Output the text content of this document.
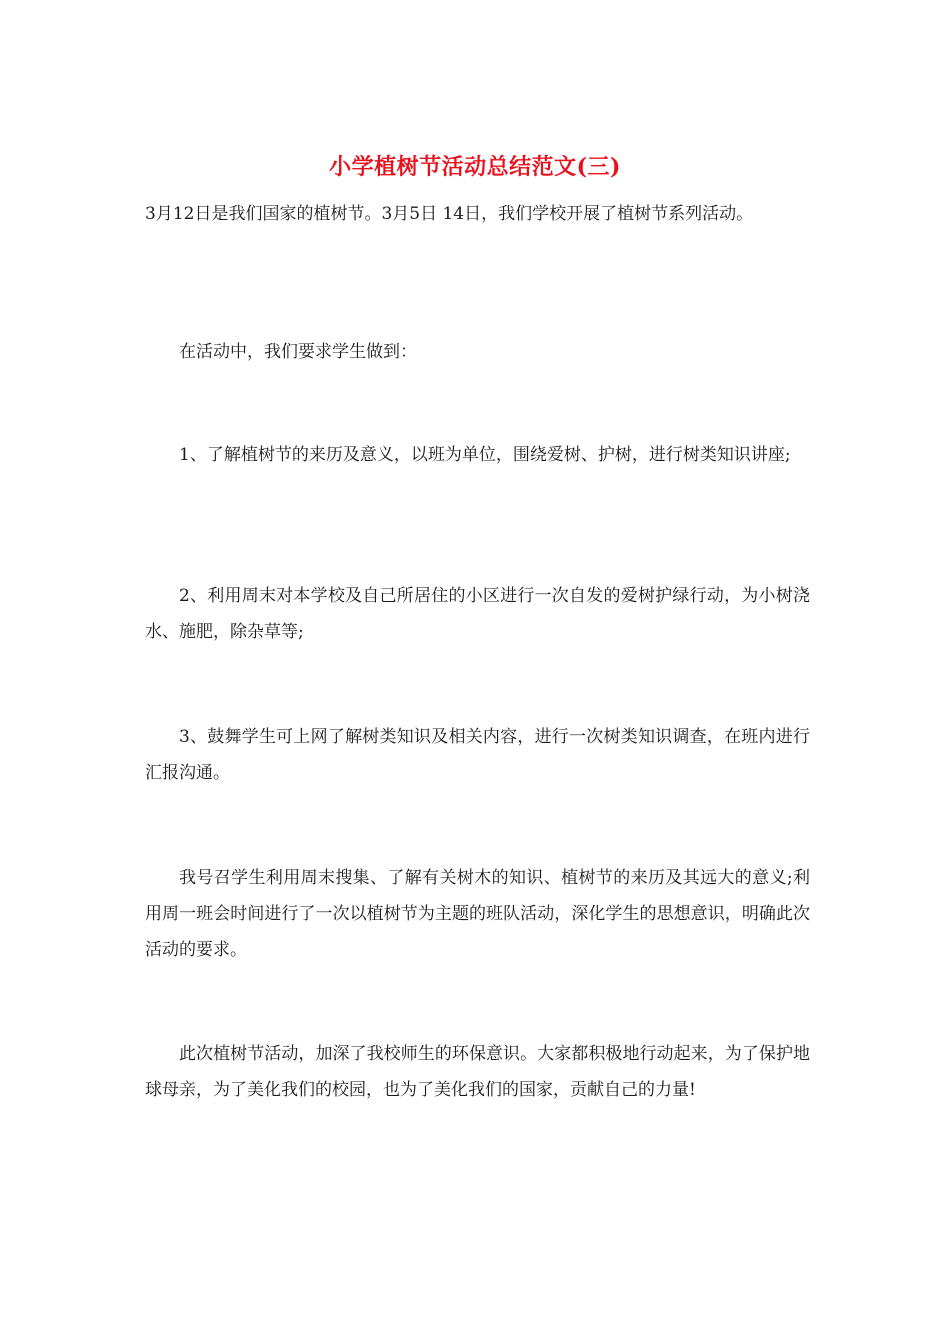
小学植树节活动总结范文(三)

3月12日是我们国家的植树节。3月5日 14日，我们学校开展了植树节系列活动。

在活动中，我们要求学生做到：

1、了解植树节的来历及意义，以班为单位，围绕爱树、护树，进行树类知识讲座;

2、利用周末对本学校及自己所居住的小区进行一次自发的爱树护绿行动，为小树浇水、施肥，除杂草等;

3、鼓舞学生可上网了解树类知识及相关内容，进行一次树类知识调查，在班内进行汇报沟通。

我号召学生利用周末搜集、了解有关树木的知识、植树节的来历及其远大的意义;利用周一班会时间进行了一次以植树节为主题的班队活动，深化学生的思想意识，明确此次活动的要求。

此次植树节活动，加深了我校师生的环保意识。大家都积极地行动起来，为了保护地球母亲，为了美化我们的校园，也为了美化我们的国家，贡献自己的力量!
